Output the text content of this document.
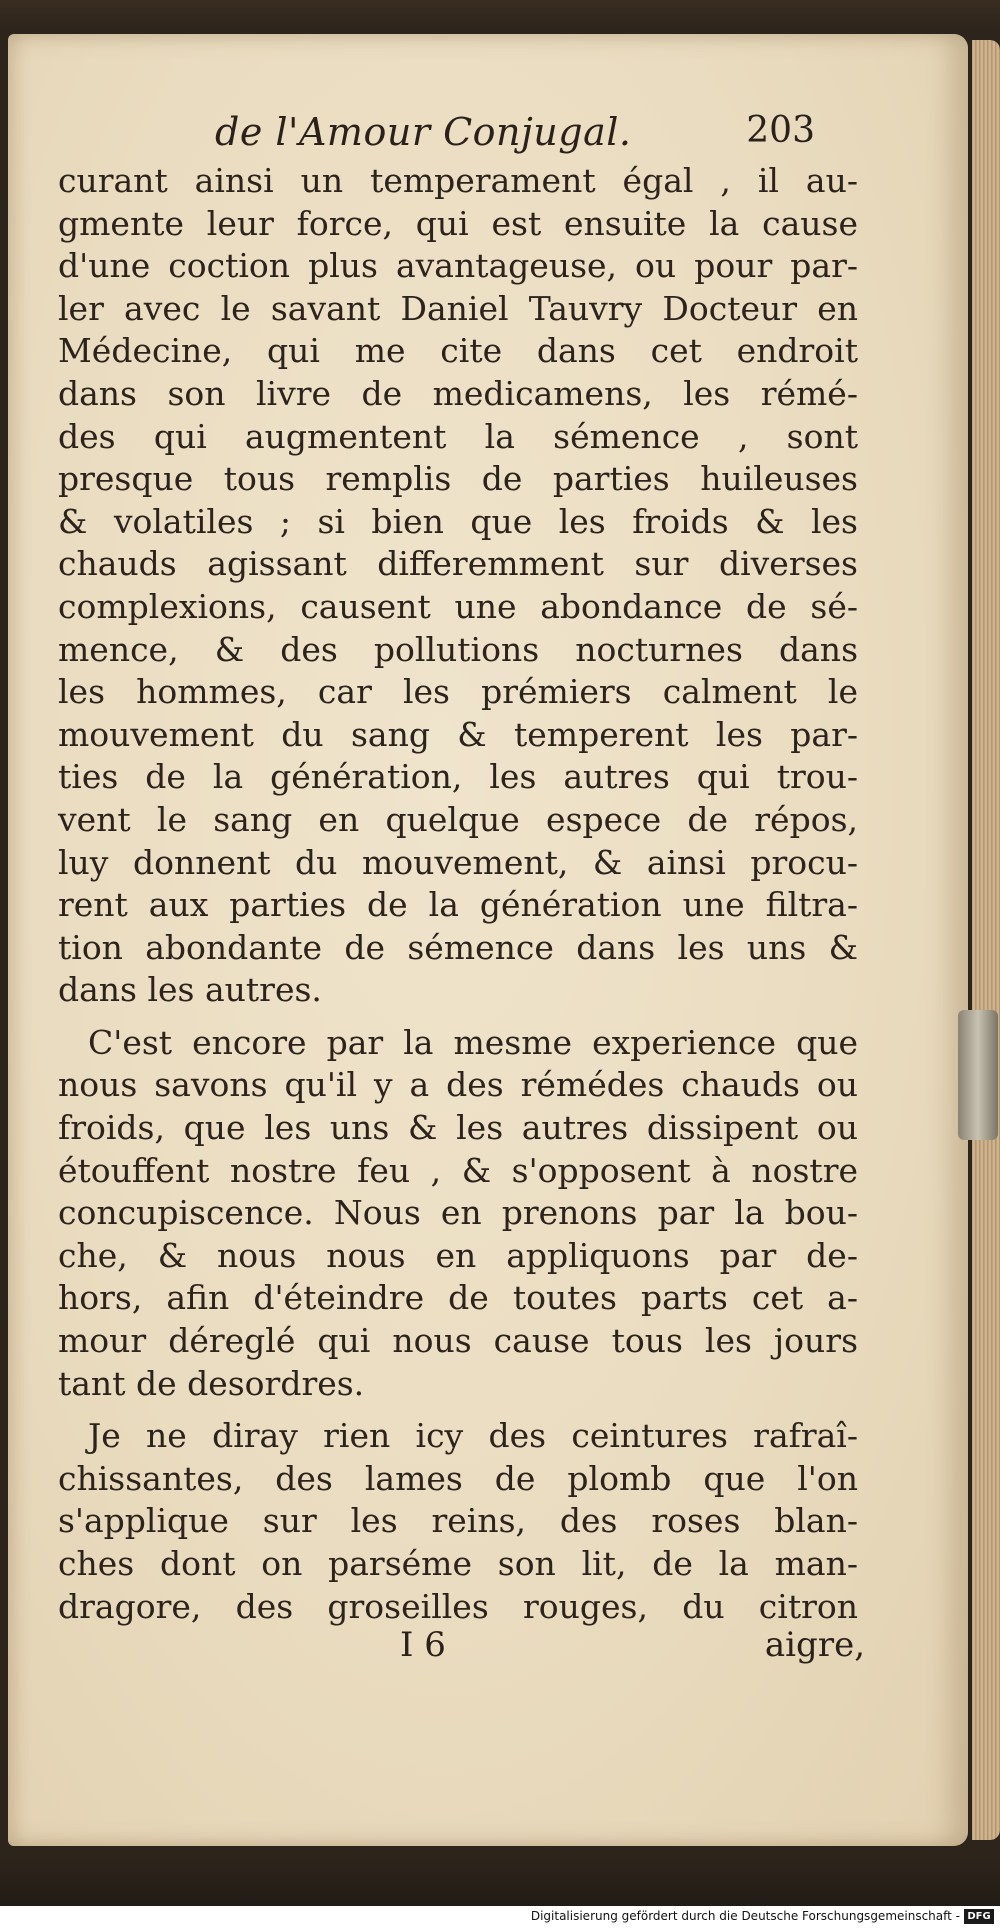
de l'Amour Conjugal.	203
curant ainsi un temperament égal , il au-
gmente leur force, qui est ensuite la cause
d'une coction plus avantageuse, ou pour par-
ler avec le savant Daniel Tauvry Docteur en
Médecine, qui me cite dans cet endroit
dans son livre de medicamens, les rémé-
des qui augmentent la sémence , sont
presque tous remplis de parties huileuses
& volatiles ; si bien que les froids & les
chauds agissant differemment sur diverses
complexions, causent une abondance de sé-
mence, & des pollutions nocturnes dans
les hommes, car les prémiers calment le
mouvement du sang & temperent les par-
ties de la génération, les autres qui trou-
vent le sang en quelque espece de répos,
luy donnent du mouvement, & ainsi procu-
rent aux parties de la génération une filtra-
tion abondante de sémence dans les uns &
dans les autres.
C'est encore par la mesme experience que
nous savons qu'il y a des rémédes chauds ou
froids, que les uns & les autres dissipent ou
étouffent nostre feu , & s'opposent à nostre
concupiscence. Nous en prenons par la bou-
che, & nous nous en appliquons par de-
hors, afin d'éteindre de toutes parts cet a-
mour déreglé qui nous cause tous les jours
tant de desordres.
Je ne diray rien icy des ceintures rafraî-
chissantes, des lames de plomb que l'on
s'applique sur les reins, des roses blan-
ches dont on parséme son lit, de la man-
dragore, des groseilles rouges, du citron
I 6	aigre,
Digitalisierung gefördert durch die Deutsche Forschungsgemeinschaft - DFG
